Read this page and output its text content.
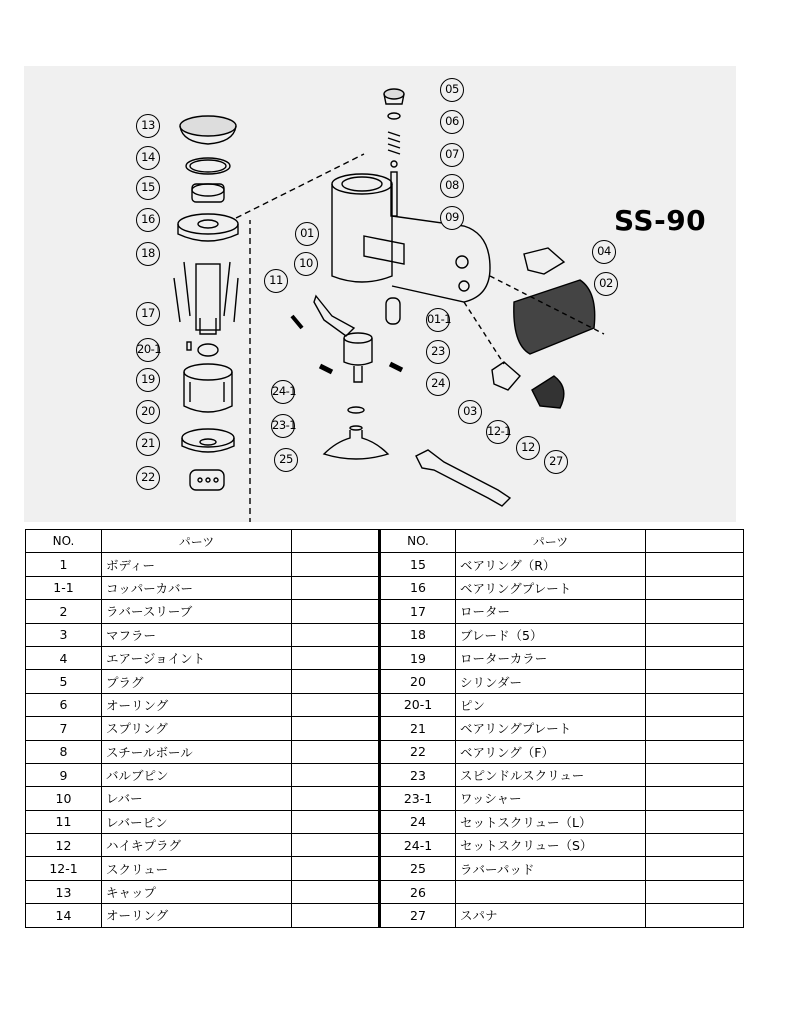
SS-90
13
14
15
16
18
17
20-1
19
20
21
22
05
06
07
08
09
01
10
11
04
02
01-1
23
24
24-1
23-1
25
03
12-1
12
27
NO.	パーツ		NO.	パーツ	
1	ボディー		15	ベアリング（R）	
1-1	コッパーカバー		16	ベアリングプレート	
2	ラバースリーブ		17	ローター	
3	マフラー		18	ブレード（5）	
4	エアージョイント		19	ローターカラー	
5	プラグ		20	シリンダー	
6	オーリング		20-1	ピン	
7	スプリング		21	ベアリングプレート	
8	スチールボール		22	ベアリング（F）	
9	バルブピン		23	スピンドルスクリュー	
10	レバー		23-1	ワッシャー	
11	レバーピン		24	セットスクリュー（L）	
12	ハイキプラグ		24-1	セットスクリュー（S）	
12-1	スクリュー		25	ラバーパッド	
13	キャップ		26		
14	オーリング		27	スパナ	
